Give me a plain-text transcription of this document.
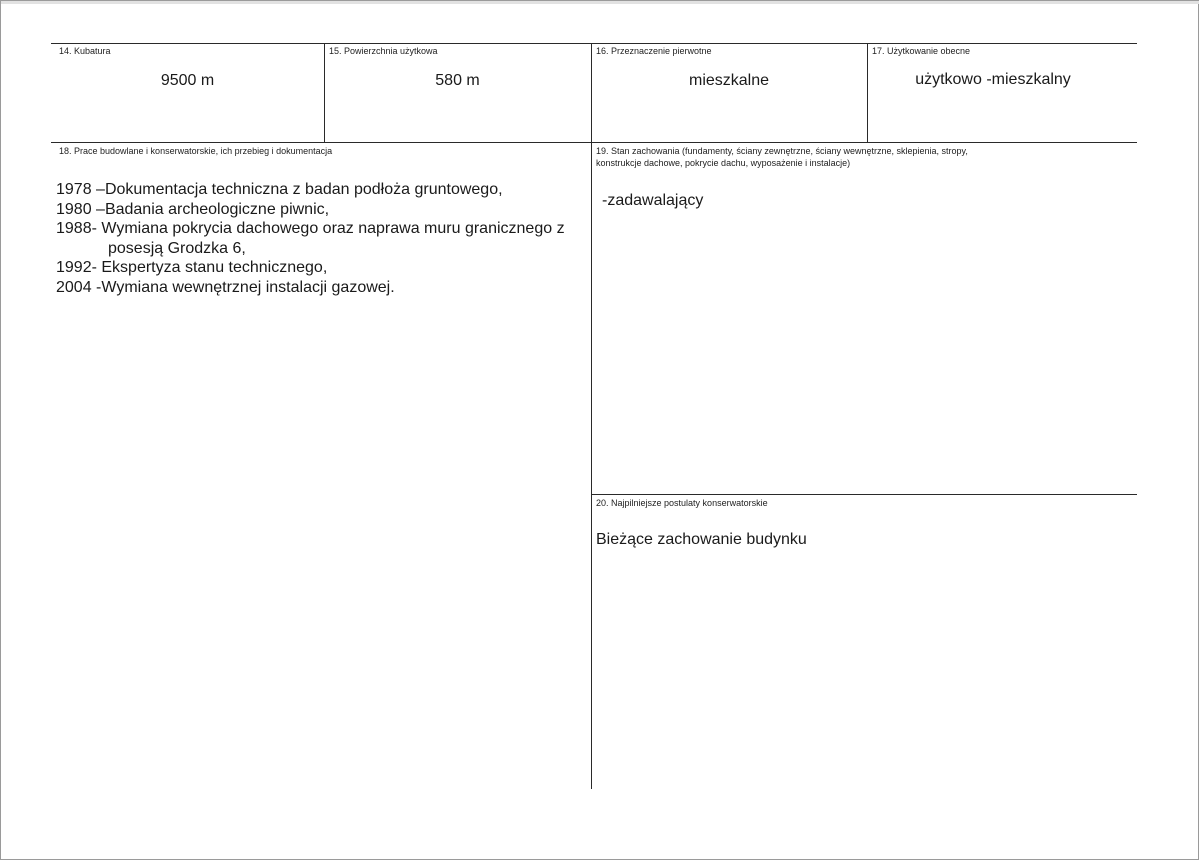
14. Kubatura
9500 m
15. Powierzchnia użytkowa
580 m
16. Przeznaczenie pierwotne
mieszkalne
17. Użytkowanie obecne
użytkowo -mieszkalny
18. Prace budowlane i konserwatorskie, ich przebieg i dokumentacja
1978 –Dokumentacja techniczna z badan podłoża gruntowego,
1980 –Badania archeologiczne piwnic,
1988- Wymiana pokrycia dachowego oraz naprawa muru granicznego z
posesją Grodzka 6,
1992- Ekspertyza stanu technicznego,
2004 -Wymiana wewnętrznej instalacji gazowej.
19. Stan zachowania (fundamenty, ściany zewnętrzne, ściany wewnętrzne, sklepienia, stropy,
konstrukcje dachowe, pokrycie dachu, wyposażenie i instalacje)
-zadawalający
20. Najpilniejsze postulaty konserwatorskie
Bieżące zachowanie budynku
